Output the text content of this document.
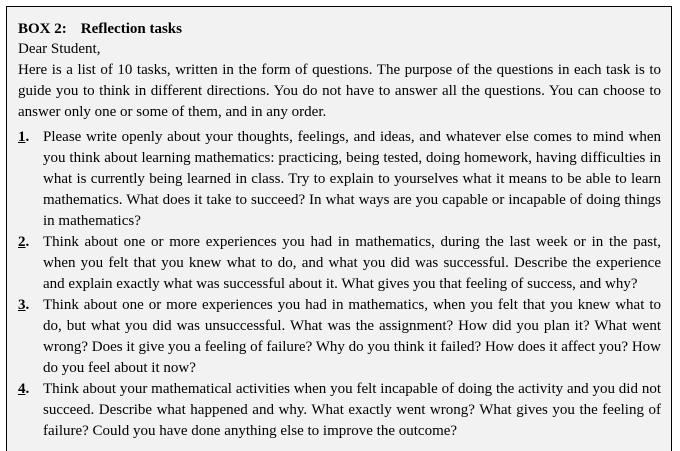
BOX 2: Reflection tasks
Dear Student,
Here is a list of 10 tasks, written in the form of questions. The purpose of the questions in each task is to guide you to think in different directions. You do not have to answer all the questions. You can choose to answer only one or some of them, and in any order.
1. Please write openly about your thoughts, feelings, and ideas, and whatever else comes to mind when you think about learning mathematics: practicing, being tested, doing homework, having difficulties in what is currently being learned in class. Try to explain to yourselves what it means to be able to learn mathematics. What does it take to succeed? In what ways are you capable or incapable of doing things in mathematics?
2. Think about one or more experiences you had in mathematics, during the last week or in the past, when you felt that you knew what to do, and what you did was successful. Describe the experience and explain exactly what was successful about it. What gives you that feeling of success, and why?
3. Think about one or more experiences you had in mathematics, when you felt that you knew what to do, but what you did was unsuccessful. What was the assignment? How did you plan it? What went wrong? Does it give you a feeling of failure? Why do you think it failed? How does it affect you? How do you feel about it now?
4. Think about your mathematical activities when you felt incapable of doing the activity and you did not succeed. Describe what happened and why. What exactly went wrong? What gives you the feeling of failure? Could you have done anything else to improve the outcome?
